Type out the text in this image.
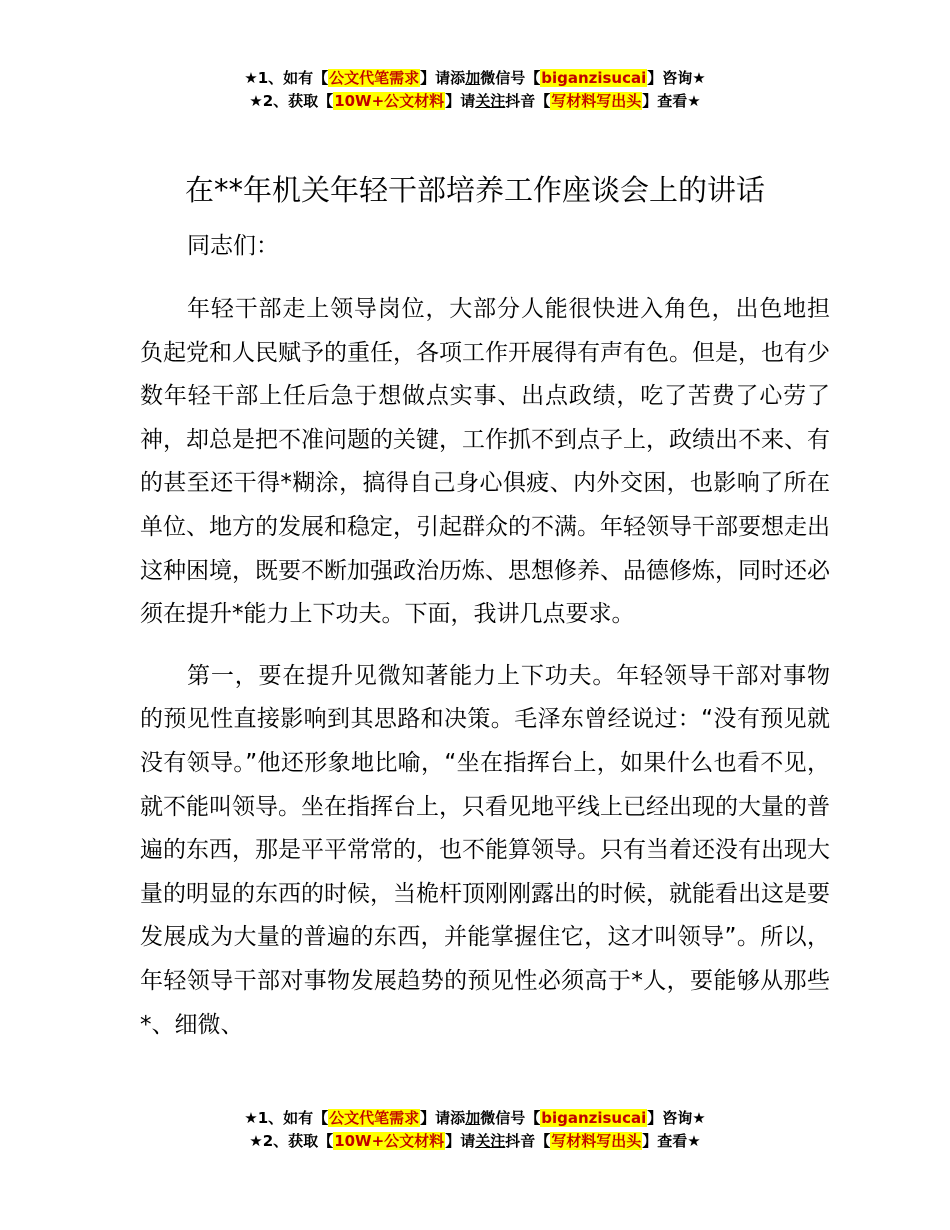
★1、如有【公文代笔需求】请添加微信号【biganzisucai】咨询★
★2、获取【10W+公文材料】请关注抖音【写材料写出头】查看★
在**年机关年轻干部培养工作座谈会上的讲话

同志们：

年轻干部走上领导岗位，大部分人能很快进入角色，出色地担负起党和人民赋予的重任，各项工作开展得有声有色。但是，也有少数年轻干部上任后急于想做点实事、出点政绩，吃了苦费了心劳了神，却总是把不准问题的关键，工作抓不到点子上，政绩出不来、有的甚至还干得*糊涂，搞得自己身心俱疲、内外交困，也影响了所在单位、地方的发展和稳定，引起群众的不满。年轻领导干部要想走出这种困境，既要不断加强政治历炼、思想修养、品德修炼，同时还必须在提升*能力上下功夫。下面，我讲几点要求。

第一，要在提升见微知著能力上下功夫。年轻领导干部对事物的预见性直接影响到其思路和决策。毛泽东曾经说过：“没有预见就没有领导。”他还形象地比喻，“坐在指挥台上，如果什么也看不见，就不能叫领导。坐在指挥台上，只看见地平线上已经出现的大量的普遍的东西，那是平平常常的，也不能算领导。只有当着还没有出现大量的明显的东西的时候，当桅杆顶刚刚露出的时候，就能看出这是要发展成为大量的普遍的东西，并能掌握住它，这才叫领导”。所以，年轻领导干部对事物发展趋势的预见性必须高于*人，要能够从那些*、细微、

★1、如有【公文代笔需求】请添加微信号【biganzisucai】咨询★
★2、获取【10W+公文材料】请关注抖音【写材料写出头】查看★
